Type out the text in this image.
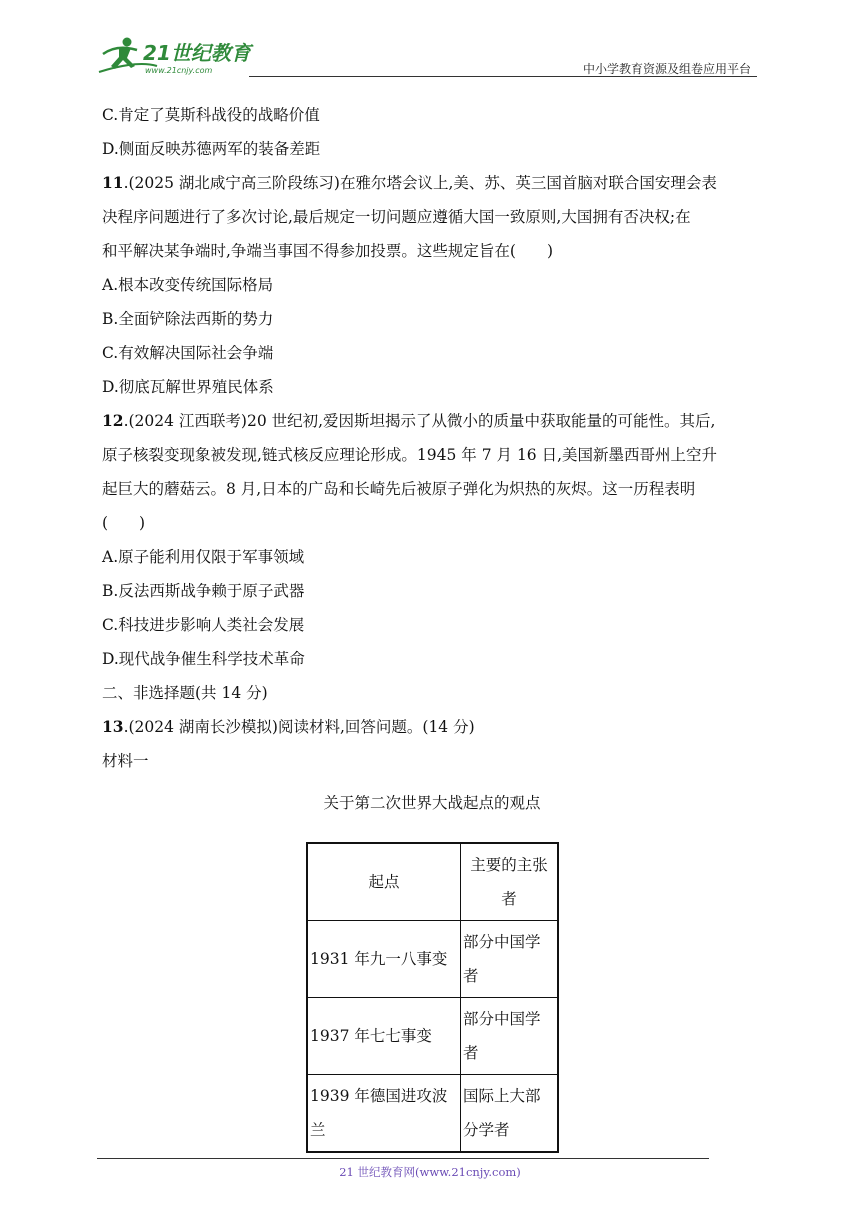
21世纪教育
www.21cnjy.com	中小学教育资源及组卷应用平台
C.肯定了莫斯科战役的战略价值
D.侧面反映苏德两军的装备差距
11.(2025 湖北咸宁高三阶段练习)在雅尔塔会议上,美、苏、英三国首脑对联合国安理会表
决程序问题进行了多次讨论,最后规定一切问题应遵循大国一致原则,大国拥有否决权;在
和平解决某争端时,争端当事国不得参加投票。这些规定旨在(　　)
A.根本改变传统国际格局
B.全面铲除法西斯的势力
C.有效解决国际社会争端
D.彻底瓦解世界殖民体系
12.(2024 江西联考)20 世纪初,爱因斯坦揭示了从微小的质量中获取能量的可能性。其后,
原子核裂变现象被发现,链式核反应理论形成。1945 年 7 月 16 日,美国新墨西哥州上空升
起巨大的蘑菇云。8 月,日本的广岛和长崎先后被原子弹化为炽热的灰烬。这一历程表明
(　　)
A.原子能利用仅限于军事领域
B.反法西斯战争赖于原子武器
C.科技进步影响人类社会发展
D.现代战争催生科学技术革命
二、非选择题(共 14 分)
13.(2024 湖南长沙模拟)阅读材料,回答问题。(14 分)
材料一
关于第二次世界大战起点的观点
起点	主要的主张者
1931 年九一八事变	部分中国学者
1937 年七七事变	部分中国学者
1939 年德国进攻波兰	国际上大部分学者
21 世纪教育网(www.21cnjy.com)
